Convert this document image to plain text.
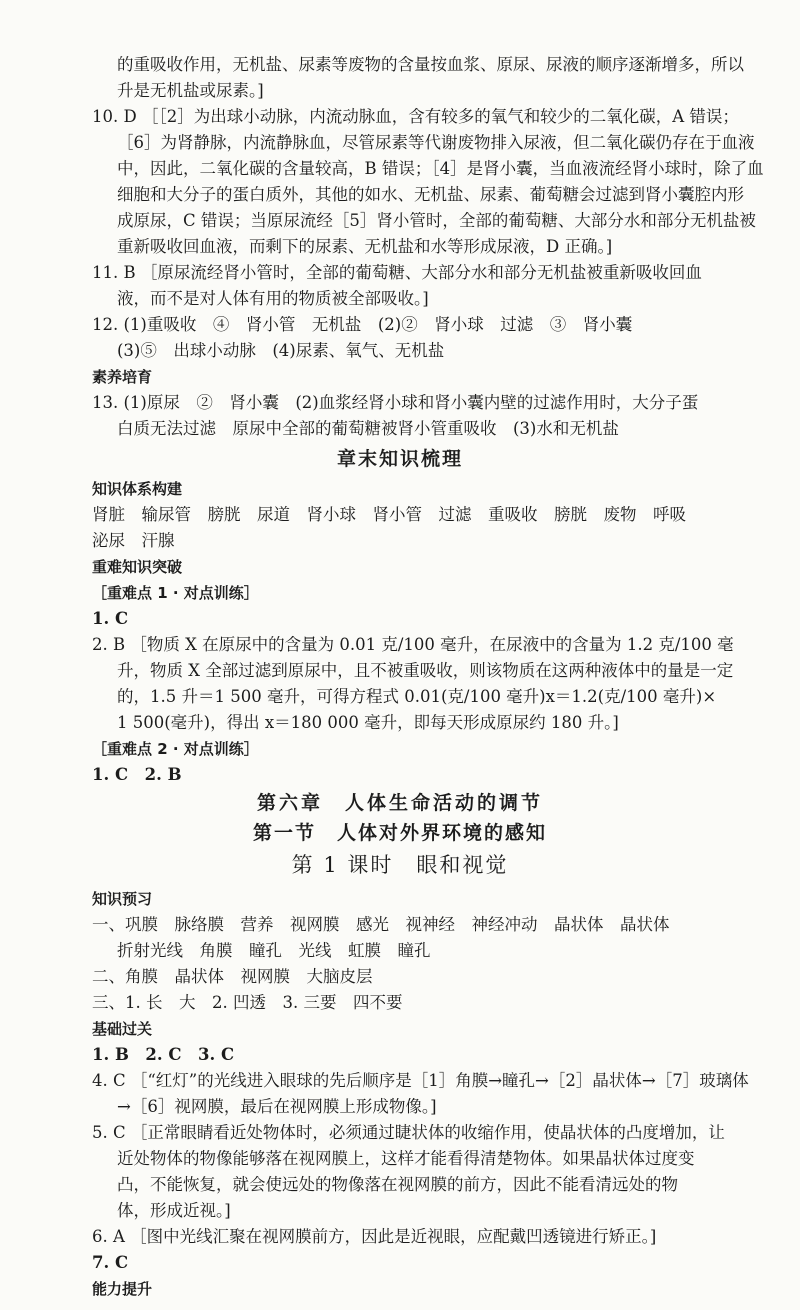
的重吸收作用，无机盐、尿素等废物的含量按血浆、原尿、尿液的顺序逐渐增多，所以
升是无机盐或尿素。]
10. D ［［2］为出球小动脉，内流动脉血，含有较多的氧气和较少的二氧化碳，A 错误；
［6］为肾静脉，内流静脉血，尽管尿素等代谢废物排入尿液，但二氧化碳仍存在于血液
中，因此，二氧化碳的含量较高，B 错误；［4］是肾小囊，当血液流经肾小球时，除了血
细胞和大分子的蛋白质外，其他的如水、无机盐、尿素、葡萄糖会过滤到肾小囊腔内形
成原尿，C 错误；当原尿流经［5］肾小管时，全部的葡萄糖、大部分水和部分无机盐被
重新吸收回血液，而剩下的尿素、无机盐和水等形成尿液，D 正确。]
11. B ［原尿流经肾小管时，全部的葡萄糖、大部分水和部分无机盐被重新吸收回血
液，而不是对人体有用的物质被全部吸收。]
12. (1)重吸收　④　肾小管　无机盐　(2)②　肾小球　过滤　③　肾小囊
(3)⑤　出球小动脉　(4)尿素、氧气、无机盐
素养培育
13. (1)原尿　②　肾小囊　(2)血浆经肾小球和肾小囊内壁的过滤作用时，大分子蛋
白质无法过滤　原尿中全部的葡萄糖被肾小管重吸收　(3)水和无机盐
章末知识梳理
知识体系构建
肾脏　输尿管　膀胱　尿道　肾小球　肾小管　过滤　重吸收　膀胱　废物　呼吸
泌尿　汗腺
重难知识突破
［重难点 1 · 对点训练］
1. C
2. B ［物质 X 在原尿中的含量为 0.01 克/100 毫升，在尿液中的含量为 1.2 克/100 毫
升，物质 X 全部过滤到原尿中，且不被重吸收，则该物质在这两种液体中的量是一定
的，1.5 升＝1 500 毫升，可得方程式 0.01(克/100 毫升)x＝1.2(克/100 毫升)×
1 500(毫升)，得出 x＝180 000 毫升，即每天形成原尿约 180 升。]
［重难点 2 · 对点训练］
1. C　2. B
第六章　人体生命活动的调节
第一节　人体对外界环境的感知
第 1 课时　眼和视觉
知识预习
一、巩膜　脉络膜　营养　视网膜　感光　视神经　神经冲动　晶状体　晶状体
折射光线　角膜　瞳孔　光线　虹膜　瞳孔
二、角膜　晶状体　视网膜　大脑皮层
三、1. 长　大　2. 凹透　3. 三要　四不要
基础过关
1. B　2. C　3. C
4. C ［“红灯”的光线进入眼球的先后顺序是［1］角膜→瞳孔→［2］晶状体→［7］玻璃体
→［6］视网膜，最后在视网膜上形成物像。]
5. C ［正常眼睛看近处物体时，必须通过睫状体的收缩作用，使晶状体的凸度增加，让
近处物体的物像能够落在视网膜上，这样才能看得清楚物体。如果晶状体过度变
凸，不能恢复，就会使远处的物像落在视网膜的前方，因此不能看清远处的物
体，形成近视。]
6. A ［图中光线汇聚在视网膜前方，因此是近视眼，应配戴凹透镜进行矫正。]
7. C
能力提升
